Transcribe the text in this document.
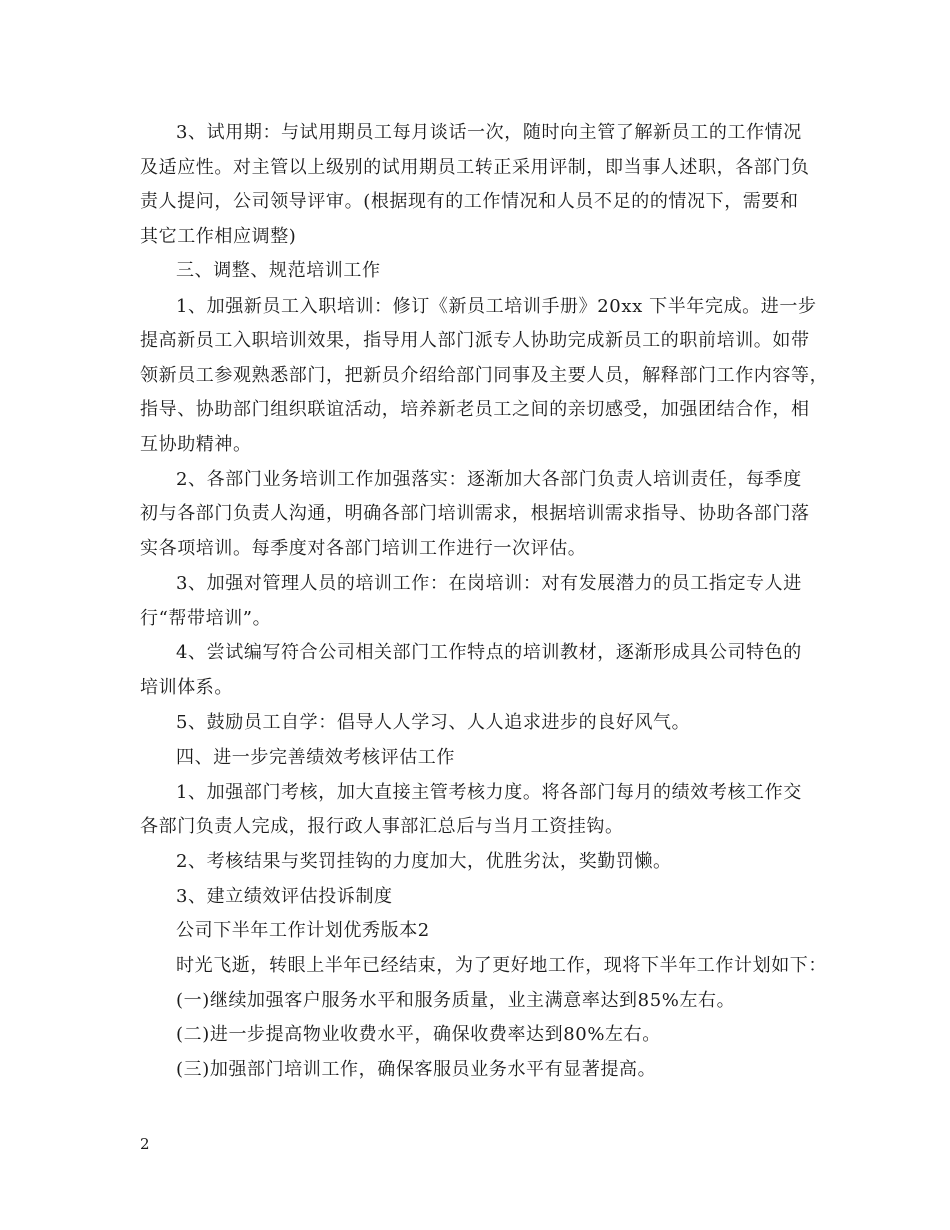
3、试用期：与试用期员工每月谈话一次，随时向主管了解新员工的工作情况
及适应性。对主管以上级别的试用期员工转正采用评制，即当事人述职，各部门负
责人提问，公司领导评审。(根据现有的工作情况和人员不足的的情况下，需要和
其它工作相应调整)
三、调整、规范培训工作
1、加强新员工入职培训：修订《新员工培训手册》20xx 下半年完成。进一步
提高新员工入职培训效果，指导用人部门派专人协助完成新员工的职前培训。如带
领新员工参观熟悉部门，把新员介绍给部门同事及主要人员，解释部门工作内容等，
指导、协助部门组织联谊活动，培养新老员工之间的亲切感受，加强团结合作，相
互协助精神。
2、各部门业务培训工作加强落实：逐渐加大各部门负责人培训责任，每季度
初与各部门负责人沟通，明确各部门培训需求，根据培训需求指导、协助各部门落
实各项培训。每季度对各部门培训工作进行一次评估。
3、加强对管理人员的培训工作：在岗培训：对有发展潜力的员工指定专人进
行“帮带培训”。
4、尝试编写符合公司相关部门工作特点的培训教材，逐渐形成具公司特色的
培训体系。
5、鼓励员工自学：倡导人人学习、人人追求进步的良好风气。
四、进一步完善绩效考核评估工作
1、加强部门考核，加大直接主管考核力度。将各部门每月的绩效考核工作交
各部门负责人完成，报行政人事部汇总后与当月工资挂钩。
2、考核结果与奖罚挂钩的力度加大，优胜劣汰，奖勤罚懒。
3、建立绩效评估投诉制度
公司下半年工作计划优秀版本2
时光飞逝，转眼上半年已经结束，为了更好地工作，现将下半年工作计划如下：
(一)继续加强客户服务水平和服务质量，业主满意率达到85%左右。
(二)进一步提高物业收费水平，确保收费率达到80%左右。
(三)加强部门培训工作，确保客服员业务水平有显著提高。
2
